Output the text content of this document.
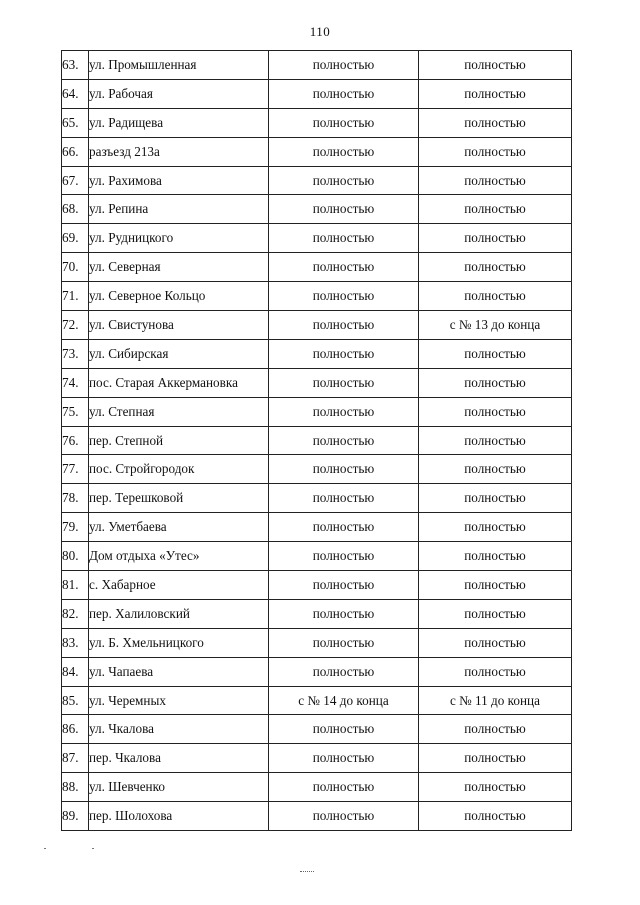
110
63.	ул. Промышленная	полностью	полностью
64.	ул. Рабочая	полностью	полностью
65.	ул. Радищева	полностью	полностью
66.	разъезд 213а	полностью	полностью
67.	ул. Рахимова	полностью	полностью
68.	ул. Репина	полностью	полностью
69.	ул. Рудницкого	полностью	полностью
70.	ул. Северная	полностью	полностью
71.	ул. Северное Кольцо	полностью	полностью
72.	ул. Свистунова	полностью	с № 13 до конца
73.	ул. Сибирская	полностью	полностью
74.	пос. Старая Аккермановка	полностью	полностью
75.	ул. Степная	полностью	полностью
76.	пер. Степной	полностью	полностью
77.	пос. Стройгородок	полностью	полностью
78.	пер. Терешковой	полностью	полностью
79.	ул. Уметбаева	полностью	полностью
80.	Дом отдыха «Утес»	полностью	полностью
81.	с. Хабарное	полностью	полностью
82.	пер. Халиловский	полностью	полностью
83.	ул. Б. Хмельницкого	полностью	полностью
84.	ул. Чапаева	полностью	полностью
85.	ул. Черемных	с № 14 до конца	с № 11 до конца
86.	ул. Чкалова	полностью	полностью
87.	пер. Чкалова	полностью	полностью
88.	ул. Шевченко	полностью	полностью
89.	пер. Шолохова	полностью	полностью
